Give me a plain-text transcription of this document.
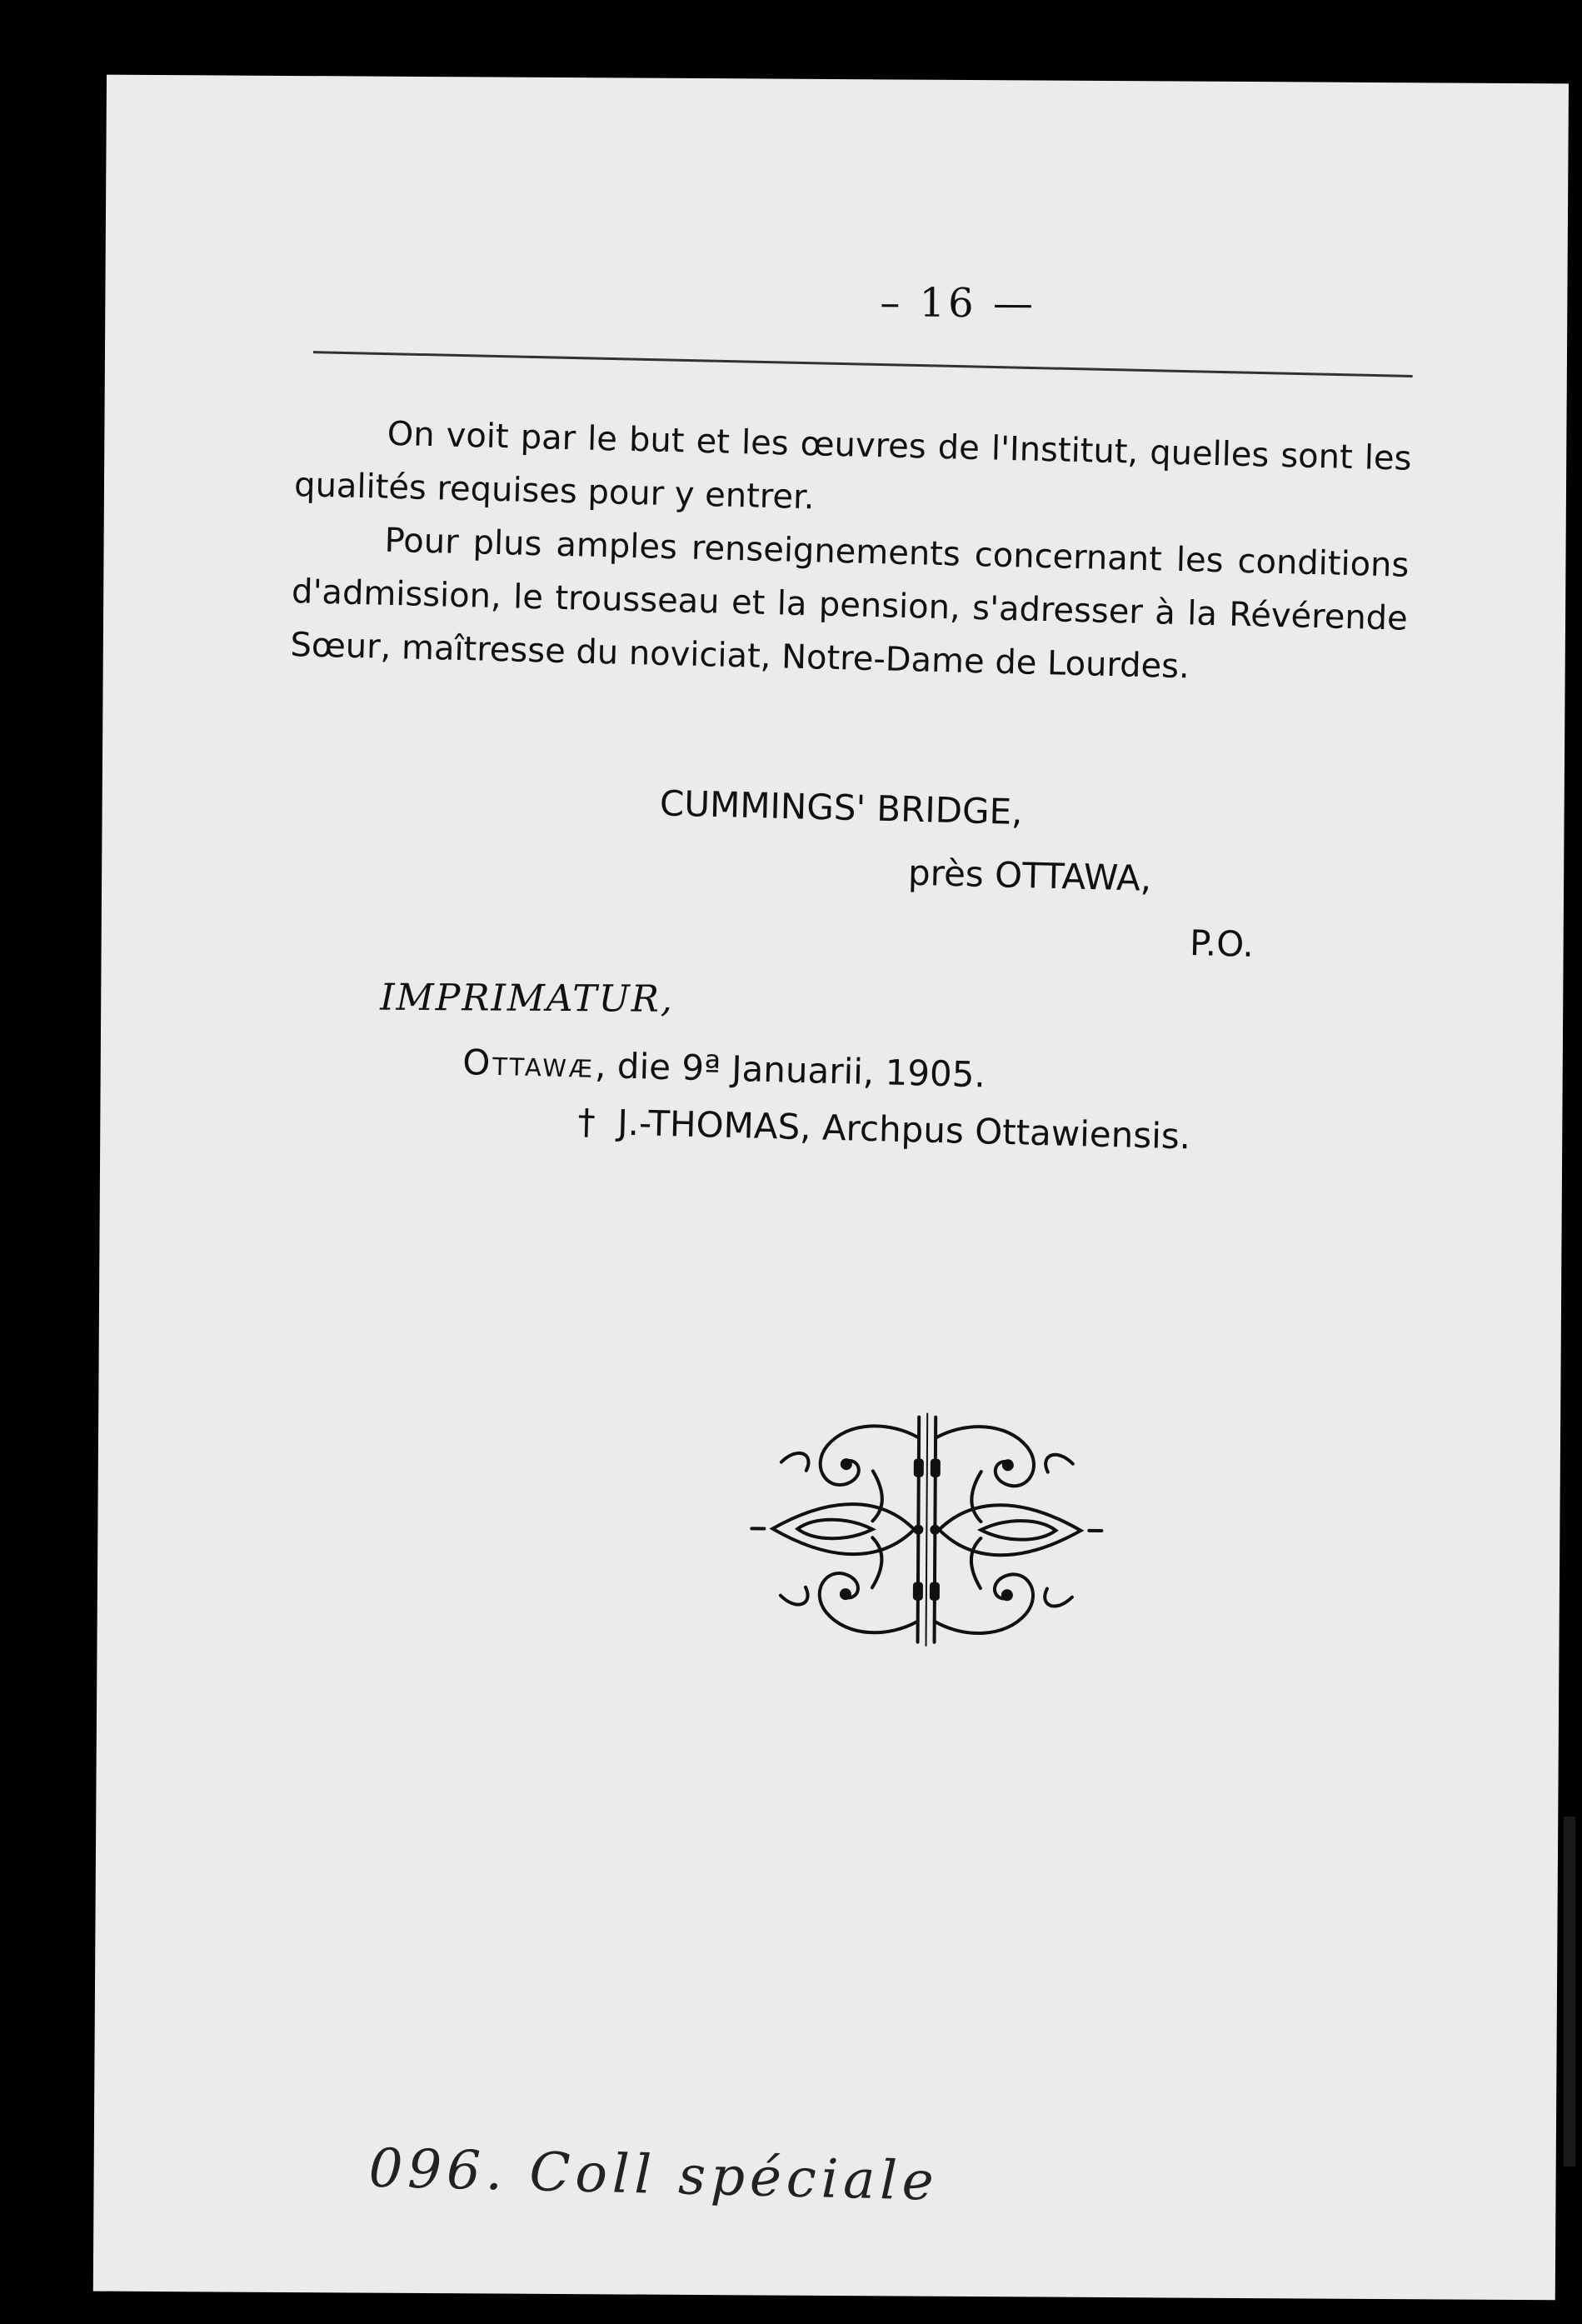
– 16 —

On voit par le but et les œuvres de l'Institut, quelles sont les qualités requises pour y entrer.

Pour plus amples renseignements concernant les conditions d'admission, le trousseau et la pension, s'adresser à la Révérende Sœur, maîtresse du noviciat, Notre-Dame de Lourdes.

CUMMINGS' BRIDGE,
près OTTAWA,
P.O.
IMPRIMATUR,
Ottawæ, die 9ª Januarii, 1905.
† J.-THOMAS, Archpus Ottawiensis.
096. Coll spéciale
